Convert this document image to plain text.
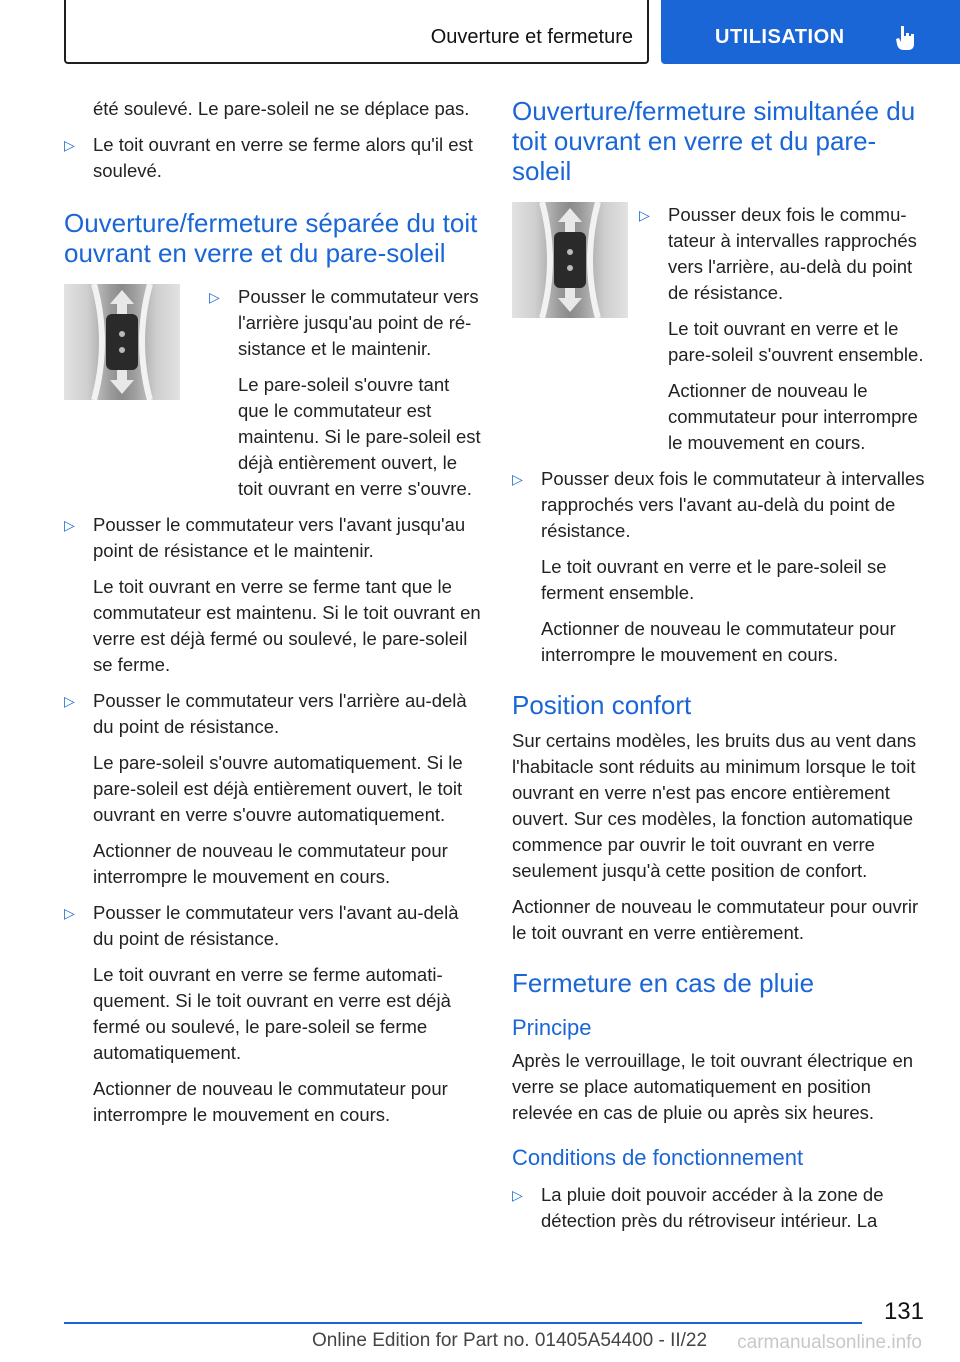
Ouverture et fermeture	UTILISATION

été soulevé. Le pare-soleil ne se déplace pas.

▷ Le toit ouvrant en verre se ferme alors qu'il est soulevé.
Ouverture/fermeture séparée du toit ouvrant en verre et du pare-soleil
▷ Pousser le commutateur vers l'arrière jusqu'au point de résistance et le maintenir.

Le pare-soleil s'ouvre tant que le commutateur est maintenu. Si le pare-soleil est déjà entièrement ouvert, le toit ouvrant en verre s'ouvre.

▷ Pousser le commutateur vers l'avant jusqu'au point de résistance et le maintenir.

Le toit ouvrant en verre se ferme tant que le commutateur est maintenu. Si le toit ouvrant en verre est déjà fermé ou soulevé, le pare-soleil se ferme.

▷ Pousser le commutateur vers l'arrière au-delà du point de résistance.

Le pare-soleil s'ouvre automatiquement. Si le pare-soleil est déjà entièrement ouvert, le toit ouvrant en verre s'ouvre automatiquement.

Actionner de nouveau le commutateur pour interrompre le mouvement en cours.

▷ Pousser le commutateur vers l'avant au-delà du point de résistance.

Le toit ouvrant en verre se ferme automatiquement. Si le toit ouvrant en verre est déjà fermé ou soulevé, le pare-soleil se ferme automatiquement.

Actionner de nouveau le commutateur pour interrompre le mouvement en cours.

Ouverture/fermeture simultanée du toit ouvrant en verre et du pare-soleil
▷ Pousser deux fois le commutateur à intervalles rapprochés vers l'arrière, au-delà du point de résistance.

Le toit ouvrant en verre et le pare-soleil s'ouvrent ensemble.

Actionner de nouveau le commutateur pour interrompre le mouvement en cours.

▷ Pousser deux fois le commutateur à intervalles rapprochés vers l'avant au-delà du point de résistance.

Le toit ouvrant en verre et le pare-soleil se ferment ensemble.

Actionner de nouveau le commutateur pour interrompre le mouvement en cours.

Position confort

Sur certains modèles, les bruits dus au vent dans l'habitacle sont réduits au minimum lorsque le toit ouvrant en verre n'est pas encore entièrement ouvert. Sur ces modèles, la fonction automatique commence par ouvrir le toit ouvrant en verre seulement jusqu'à cette position de confort.

Actionner de nouveau le commutateur pour ouvrir le toit ouvrant en verre entièrement.

Fermeture en cas de pluie
Principe

Après le verrouillage, le toit ouvrant électrique en verre se place automatiquement en position relevée en cas de pluie ou après six heures.

Conditions de fonctionnement
▷ La pluie doit pouvoir accéder à la zone de détection près du rétroviseur intérieur. La
131
Online Edition for Part no. 01405A54400 - II/22 carmanualsonline.info
